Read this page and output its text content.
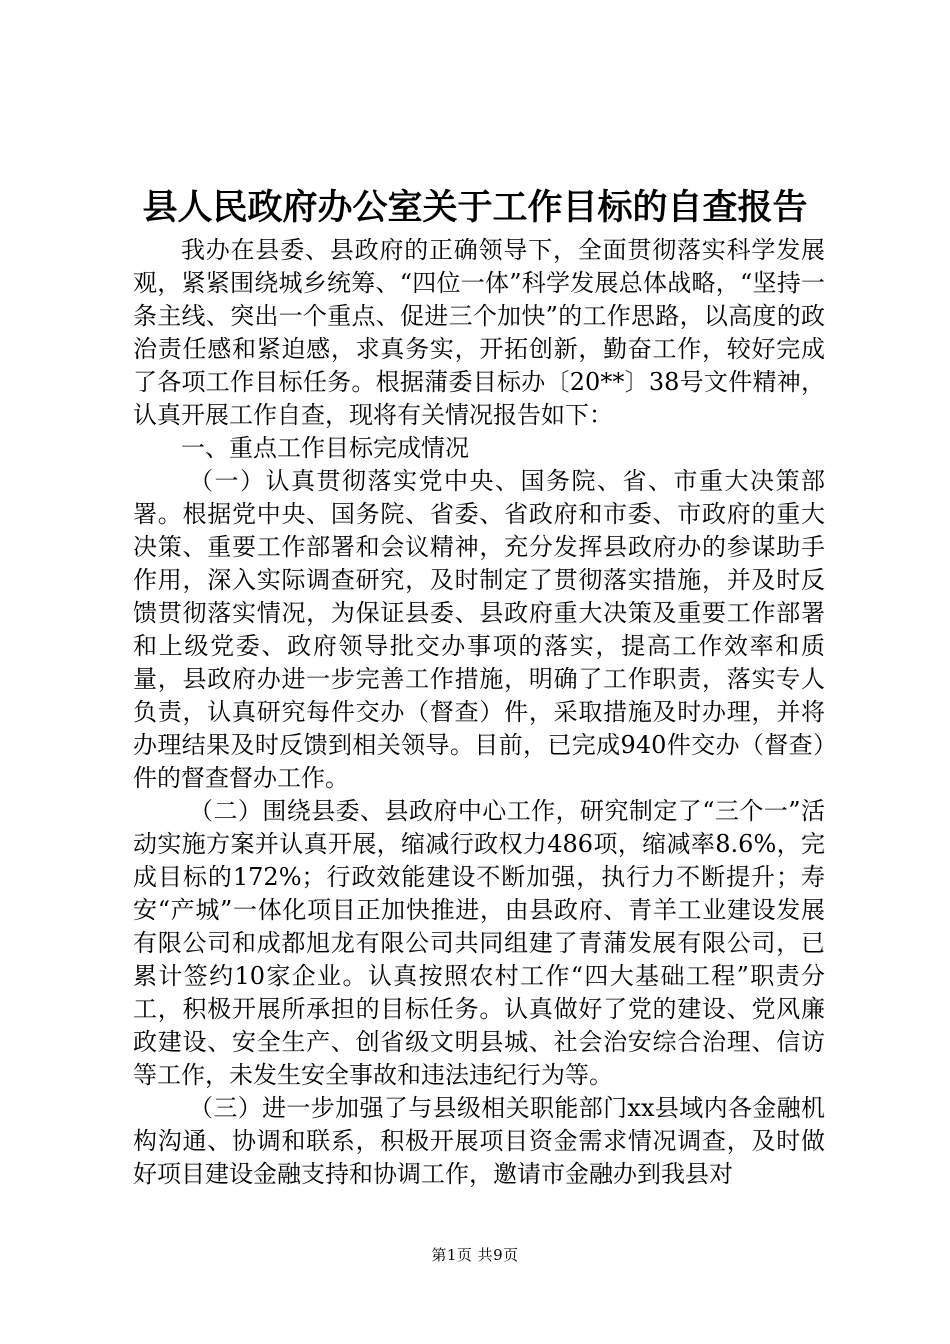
县人民政府办公室关于工作目标的自查报告

我办在县委、县政府的正确领导下，全面贯彻落实科学发展观，紧紧围绕城乡统筹、“四位一体”科学发展总体战略，“坚持一条主线、突出一个重点、促进三个加快”的工作思路，以高度的政治责任感和紧迫感，求真务实，开拓创新，勤奋工作，较好完成了各项工作目标任务。根据蒲委目标办〔20**〕38号文件精神，认真开展工作自查，现将有关情况报告如下：

一、重点工作目标完成情况

（一）认真贯彻落实党中央、国务院、省、市重大决策部署。根据党中央、国务院、省委、省政府和市委、市政府的重大决策、重要工作部署和会议精神，充分发挥县政府办的参谋助手作用，深入实际调查研究，及时制定了贯彻落实措施，并及时反馈贯彻落实情况，为保证县委、县政府重大决策及重要工作部署和上级党委、政府领导批交办事项的落实，提高工作效率和质量，县政府办进一步完善工作措施，明确了工作职责，落实专人负责，认真研究每件交办（督查）件，采取措施及时办理，并将办理结果及时反馈到相关领导。目前，已完成940件交办（督查）件的督查督办工作。

（二）围绕县委、县政府中心工作，研究制定了“三个一”活动实施方案并认真开展，缩减行政权力486项，缩减率8.6%，完成目标的172%；行政效能建设不断加强，执行力不断提升；寿安“产城”一体化项目正加快推进，由县政府、青羊工业建设发展有限公司和成都旭龙有限公司共同组建了青蒲发展有限公司，已累计签约10家企业。认真按照农村工作“四大基础工程”职责分工，积极开展所承担的目标任务。认真做好了党的建设、党风廉政建设、安全生产、创省级文明县城、社会治安综合治理、信访等工作，未发生安全事故和违法违纪行为等。

（三）进一步加强了与县级相关职能部门xx县域内各金融机构沟通、协调和联系，积极开展项目资金需求情况调查，及时做好项目建设金融支持和协调工作，邀请市金融办到我县对

第1页 共9页
